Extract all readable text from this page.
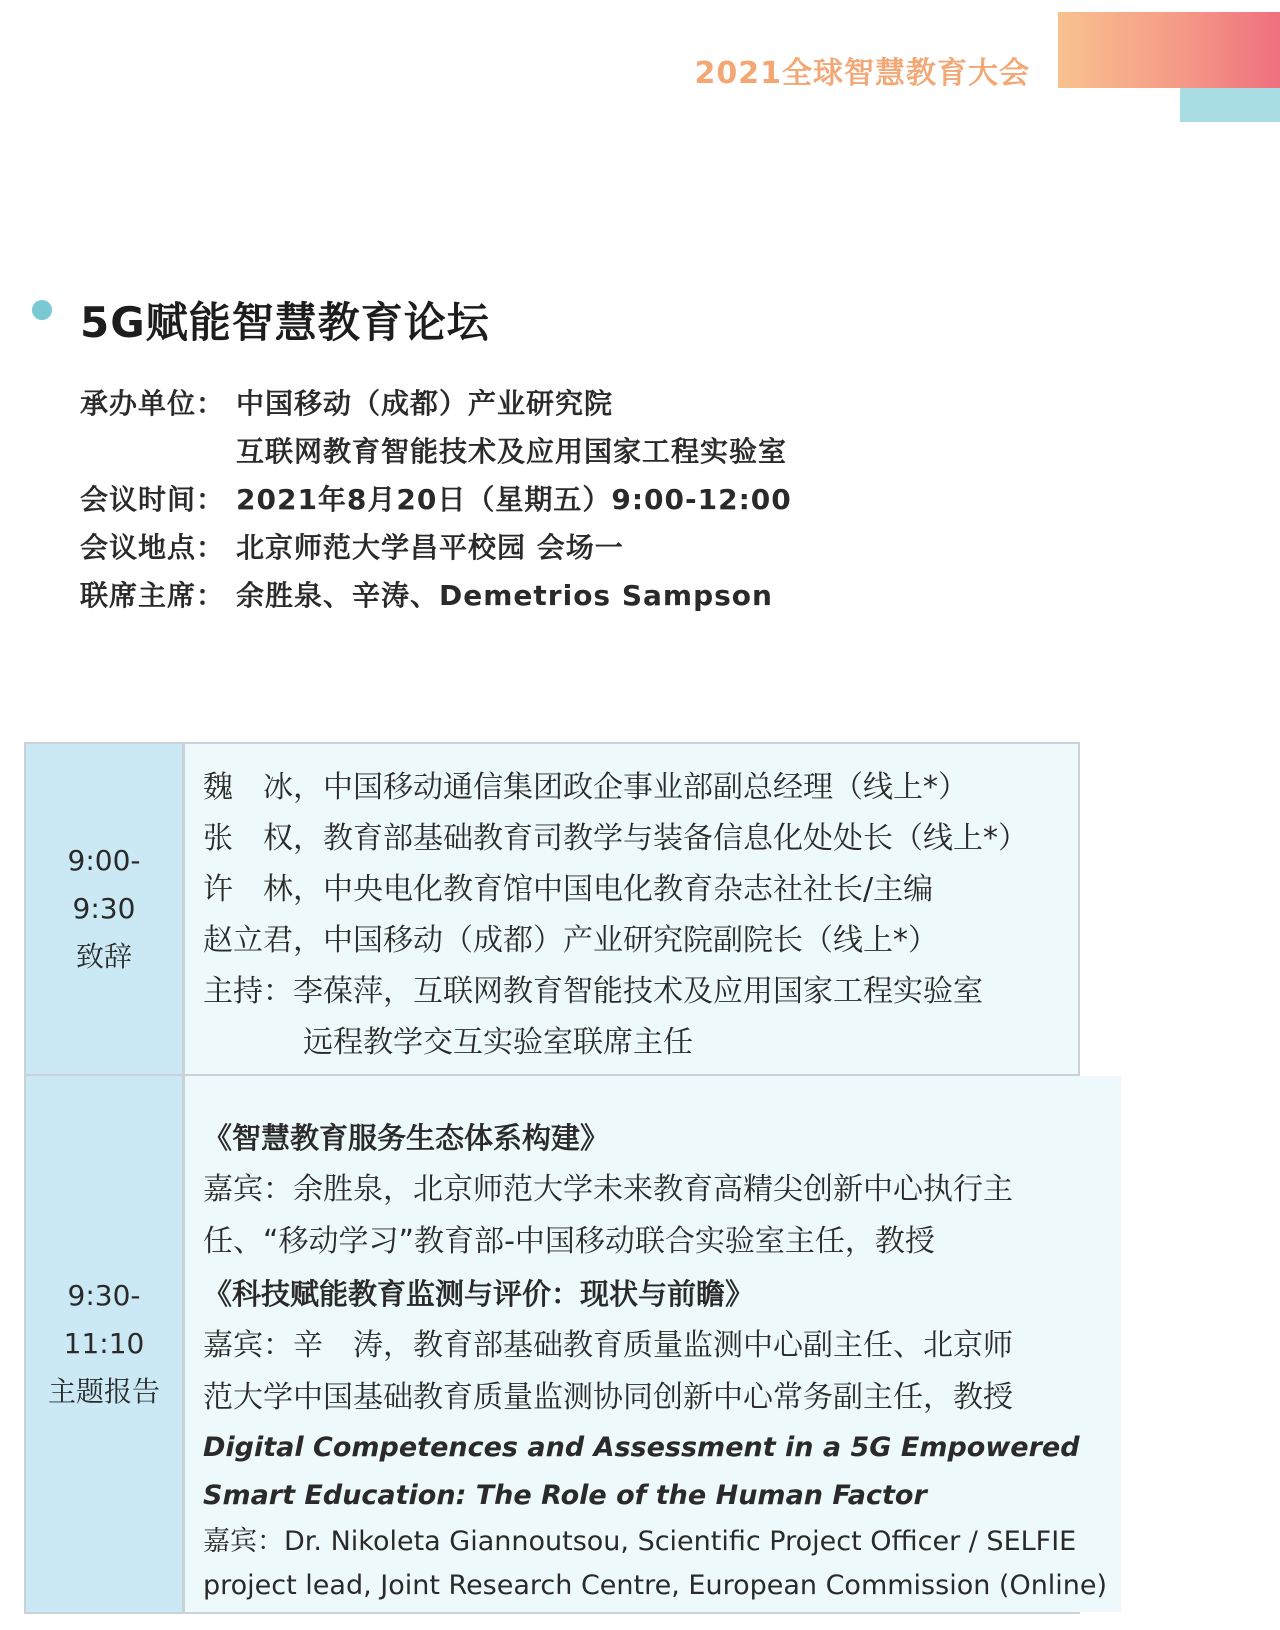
2021全球智慧教育大会
5G赋能智慧教育论坛
承办单位： 中国移动（成都）产业研究院
互联网教育智能技术及应用国家工程实验室
会议时间： 2021年8月20日（星期五）9:00-12:00
会议地点： 北京师范大学昌平校园 会场一
联席主席： 余胜泉、辛涛、Demetrios Sampson
9:00-
9:30
致辞
魏　冰，中国移动通信集团政企事业部副总经理（线上*）
张　权，教育部基础教育司教学与装备信息化处处长（线上*）
许　林，中央电化教育馆中国电化教育杂志社社长/主编
赵立君，中国移动（成都）产业研究院副院长（线上*）
主持：李葆萍，互联网教育智能技术及应用国家工程实验室
远程教学交互实验室联席主任
9:30-
11:10
主题报告
《智慧教育服务生态体系构建》
嘉宾：余胜泉，北京师范大学未来教育高精尖创新中心执行主
任、“移动学习”教育部-中国移动联合实验室主任，教授
《科技赋能教育监测与评价：现状与前瞻》
嘉宾：辛　涛，教育部基础教育质量监测中心副主任、北京师
范大学中国基础教育质量监测协同创新中心常务副主任，教授
Digital Competences and Assessment in a 5G Empowered
Smart Education: The Role of the Human Factor
嘉宾：Dr. Nikoleta Giannoutsou, Scientific Project Officer / SELFIE
project lead, Joint Research Centre, European Commission (Online)
